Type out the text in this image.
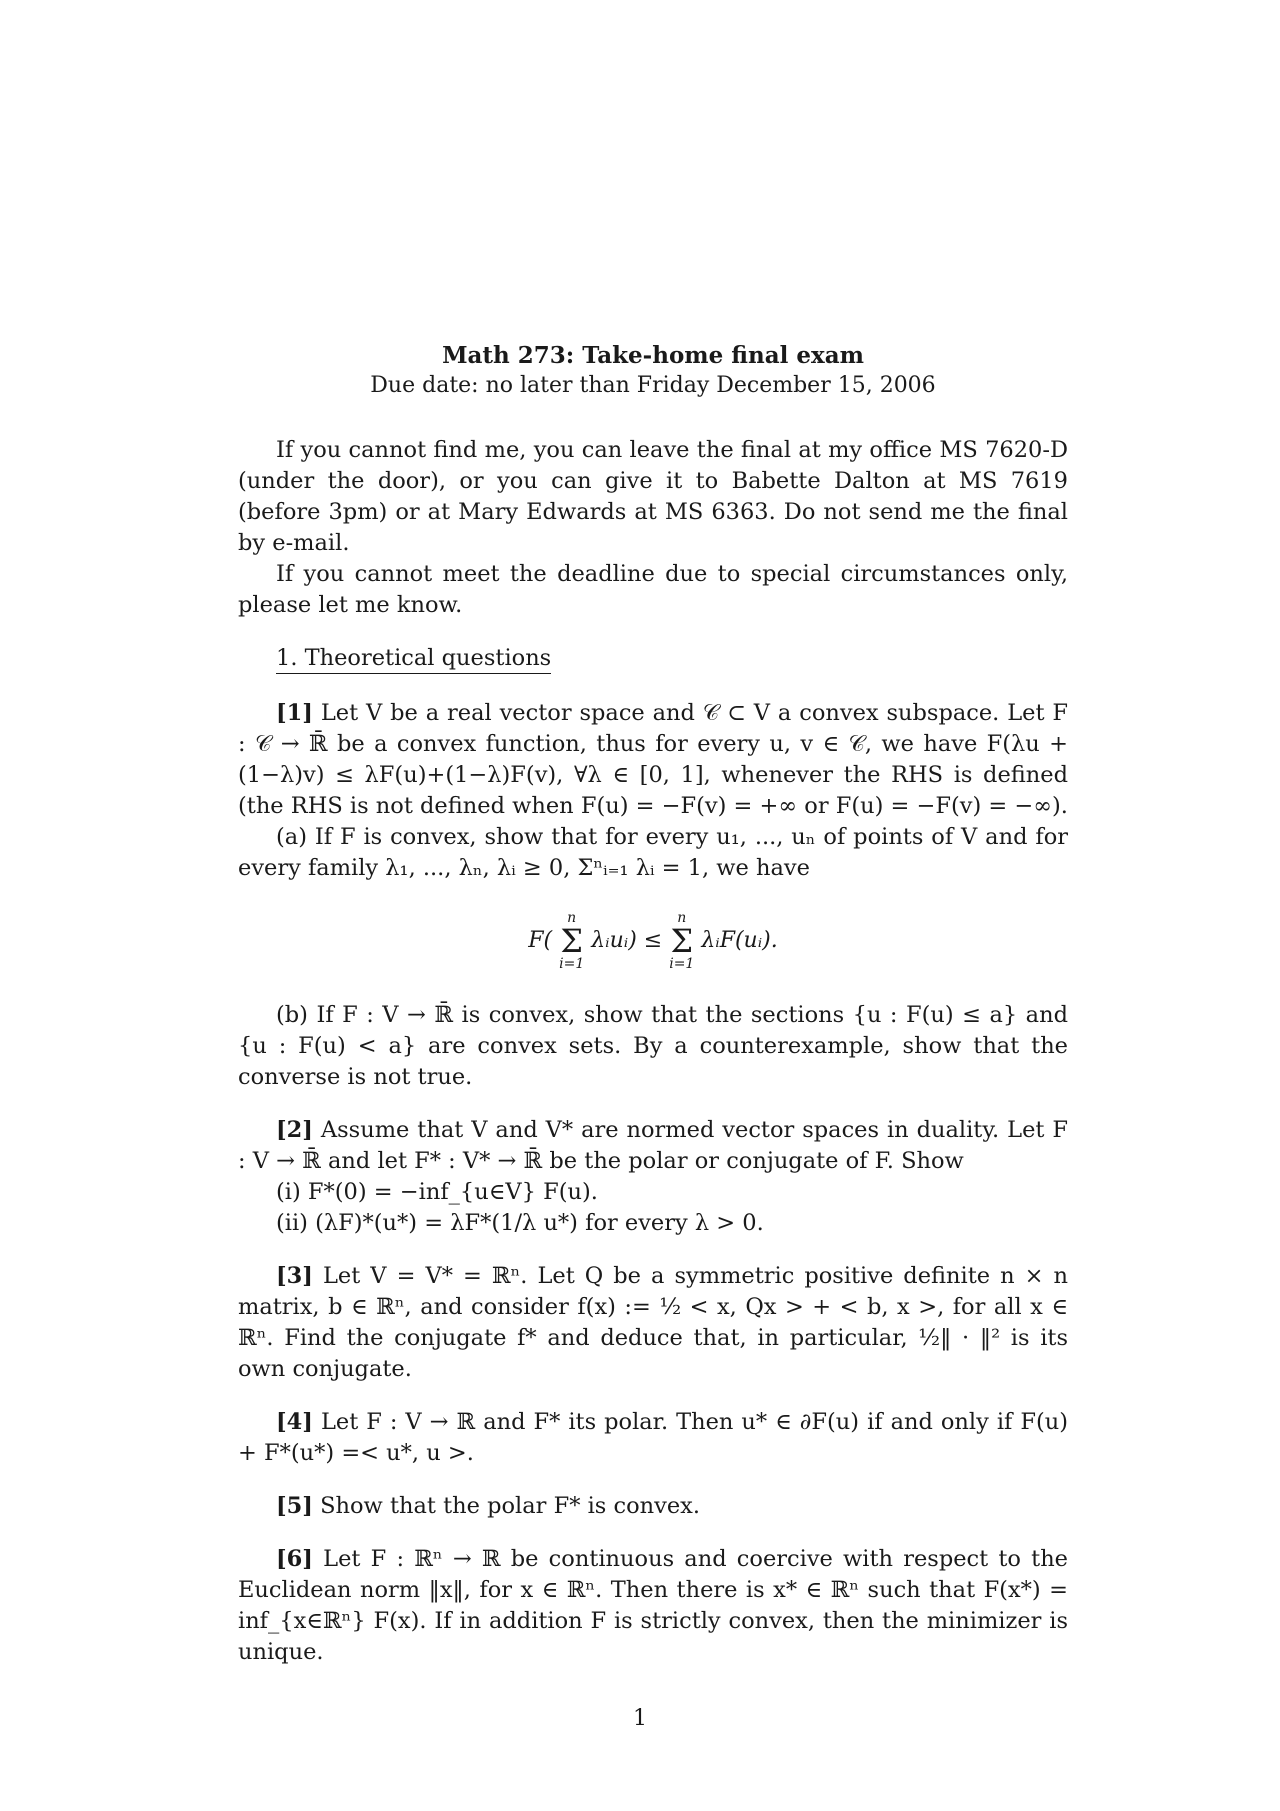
Math 273: Take-home final exam
Due date: no later than Friday December 15, 2006

If you cannot find me, you can leave the final at my office MS 7620-D (under the door), or you can give it to Babette Dalton at MS 7619 (before 3pm) or at Mary Edwards at MS 6363. Do not send me the final by e-mail.

If you cannot meet the deadline due to special circumstances only, please let me know.

1. Theoretical questions

[1] Let V be a real vector space and 𝒞 ⊂ V a convex subspace. Let F : 𝒞 → ℝ̄ be a convex function, thus for every u, v ∈ 𝒞, we have F(λu + (1−λ)v) ≤ λF(u)+(1−λ)F(v), ∀λ ∈ [0, 1], whenever the RHS is defined (the RHS is not defined when F(u) = −F(v) = +∞ or F(u) = −F(v) = −∞).

(a) If F is convex, show that for every u₁, ..., uₙ of points of V and for every family λ₁, ..., λₙ, λᵢ ≥ 0, Σⁿᵢ₌₁ λᵢ = 1, we have

F(
n
Σ
i=1
λᵢuᵢ) ≤
n
Σ
i=1
λᵢF(uᵢ).

(b) If F : V → ℝ̄ is convex, show that the sections {u : F(u) ≤ a} and {u : F(u) < a} are convex sets. By a counterexample, show that the converse is not true.

[2] Assume that V and V* are normed vector spaces in duality. Let F : V → ℝ̄ and let F* : V* → ℝ̄ be the polar or conjugate of F. Show

(i) F*(0) = −inf_{u∈V} F(u).

(ii) (λF)*(u*) = λF*(1/λ u*) for every λ > 0.

[3] Let V = V* = ℝⁿ. Let Q be a symmetric positive definite n × n matrix, b ∈ ℝⁿ, and consider f(x) := ½ < x, Qx > + < b, x >, for all x ∈ ℝⁿ. Find the conjugate f* and deduce that, in particular, ½‖ · ‖² is its own conjugate.

[4] Let F : V → ℝ and F* its polar. Then u* ∈ ∂F(u) if and only if F(u) + F*(u*) =< u*, u >.

[5] Show that the polar F* is convex.

[6] Let F : ℝⁿ → ℝ be continuous and coercive with respect to the Euclidean norm ‖x‖, for x ∈ ℝⁿ. Then there is x* ∈ ℝⁿ such that F(x*) = inf_{x∈ℝⁿ} F(x). If in addition F is strictly convex, then the minimizer is unique.

1
